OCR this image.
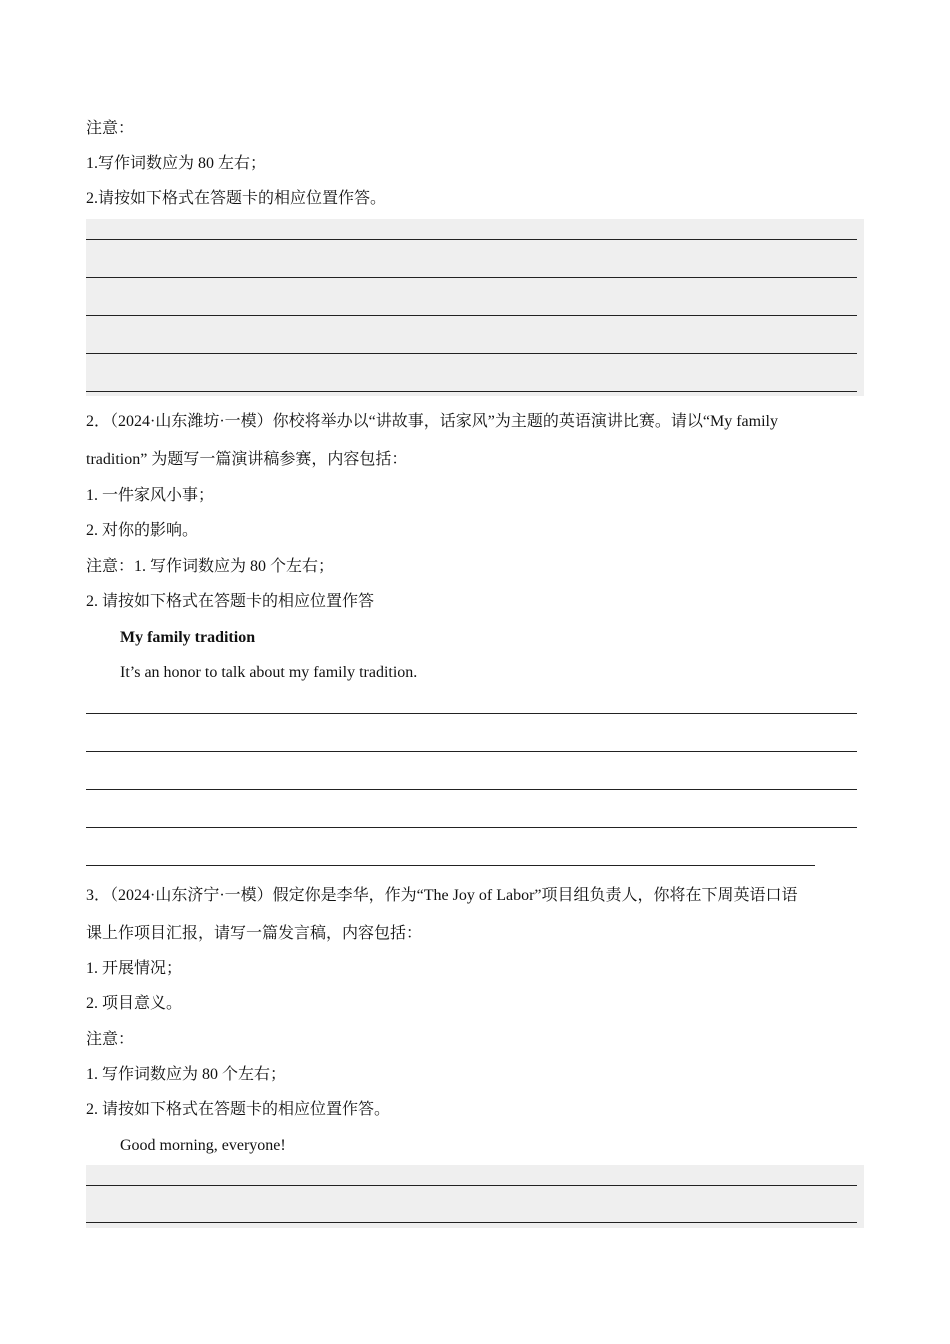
注意：
1.写作词数应为 80 左右；
2.请按如下格式在答题卡的相应位置作答。
2．（2024·山东潍坊·一模）你校将举办以“讲故事，话家风”为主题的英语演讲比赛。请以“My family
tradition” 为题写一篇演讲稿参赛，内容包括：
1. 一件家风小事；
2. 对你的影响。
注意：1. 写作词数应为 80 个左右；
2. 请按如下格式在答题卡的相应位置作答
My family tradition
It’s an honor to talk about my family tradition.
3．（2024·山东济宁·一模）假定你是李华，作为“The Joy of Labor”项目组负责人，你将在下周英语口语
课上作项目汇报，请写一篇发言稿，内容包括：
1. 开展情况；
2. 项目意义。
注意：
1. 写作词数应为 80 个左右；
2. 请按如下格式在答题卡的相应位置作答。
Good morning, everyone!
